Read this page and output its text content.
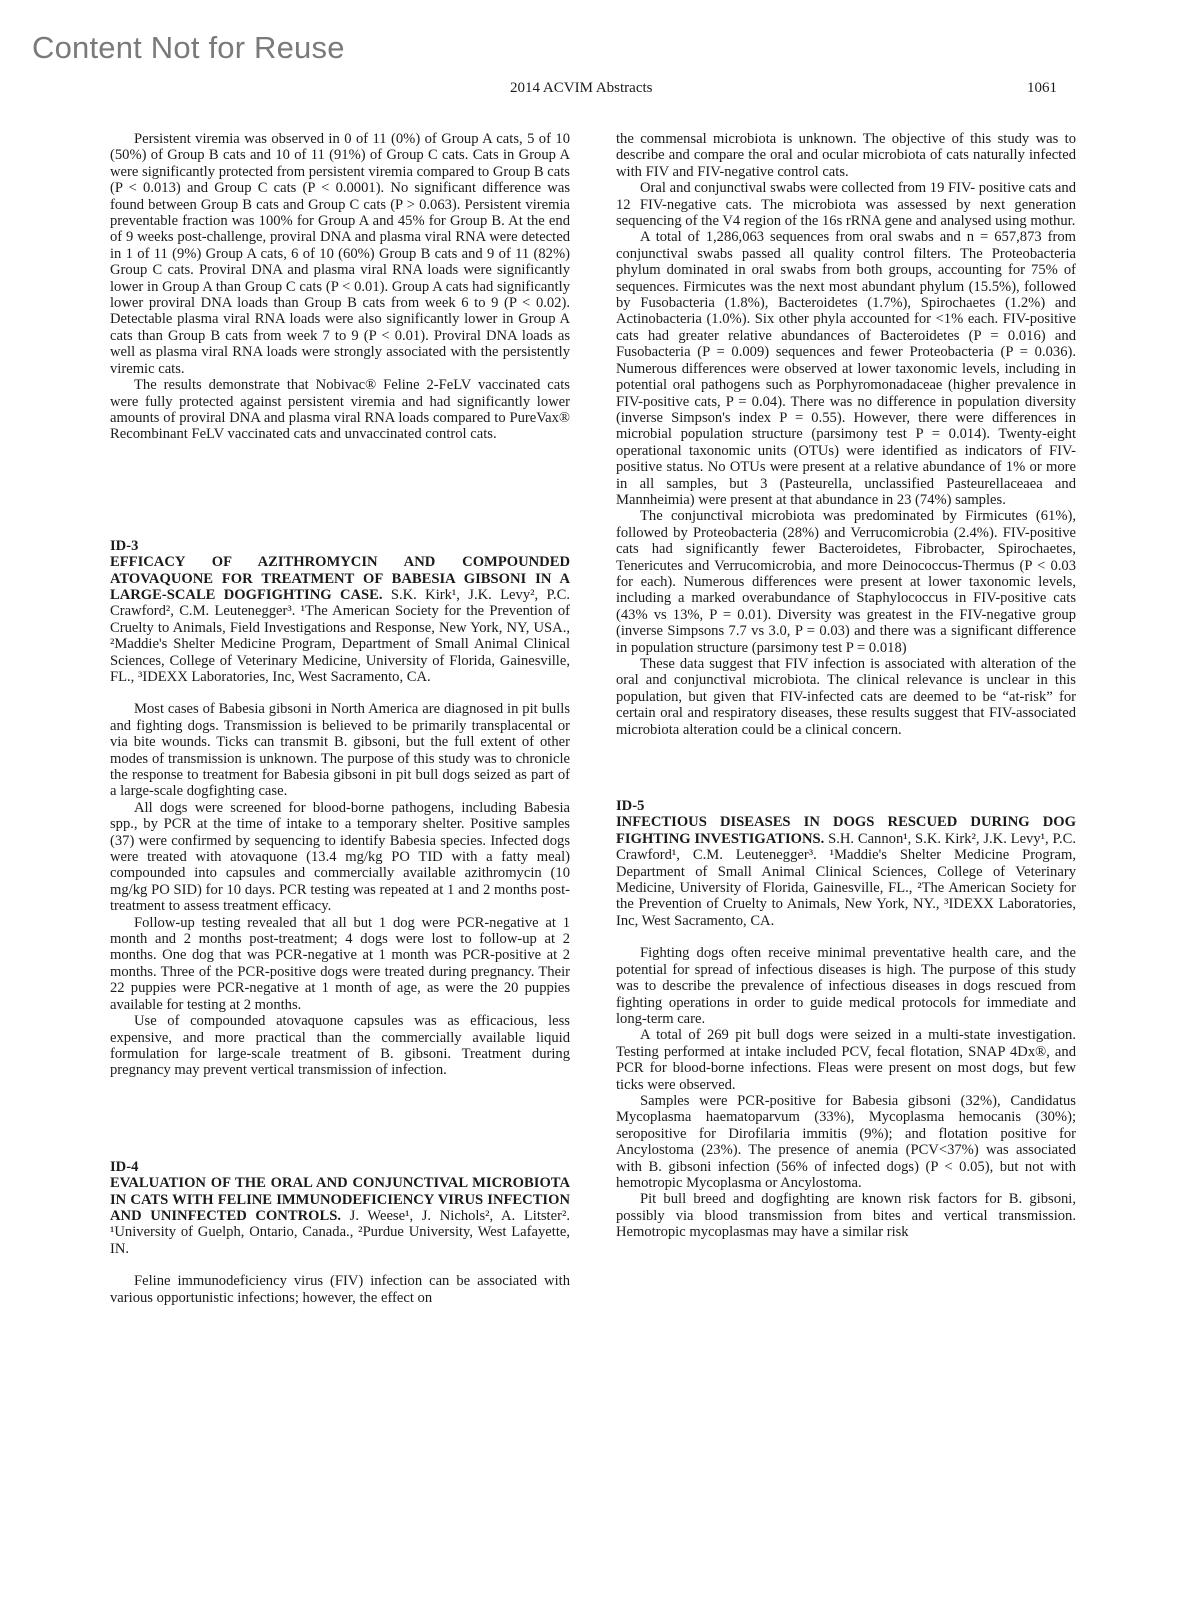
Content Not for Reuse
2014 ACVIM Abstracts	1061

Persistent viremia was observed in 0 of 11 (0%) of Group A cats, 5 of 10 (50%) of Group B cats and 10 of 11 (91%) of Group C cats. Cats in Group A were significantly protected from persistent viremia compared to Group B cats (P < 0.013) and Group C cats (P < 0.0001). No significant difference was found between Group B cats and Group C cats (P > 0.063). Persistent viremia preventable fraction was 100% for Group A and 45% for Group B. At the end of 9 weeks post-challenge, proviral DNA and plasma viral RNA were detected in 1 of 11 (9%) Group A cats, 6 of 10 (60%) Group B cats and 9 of 11 (82%) Group C cats. Proviral DNA and plasma viral RNA loads were significantly lower in Group A than Group C cats (P < 0.01). Group A cats had significantly lower proviral DNA loads than Group B cats from week 6 to 9 (P < 0.02). Detectable plasma viral RNA loads were also significantly lower in Group A cats than Group B cats from week 7 to 9 (P < 0.01). Proviral DNA loads as well as plasma viral RNA loads were strongly associated with the persistently viremic cats.

The results demonstrate that Nobivac® Feline 2-FeLV vaccinated cats were fully protected against persistent viremia and had significantly lower amounts of proviral DNA and plasma viral RNA loads compared to PureVax® Recombinant FeLV vaccinated cats and unvaccinated control cats.

ID-3

EFFICACY OF AZITHROMYCIN AND COMPOUNDED ATOVAQUONE FOR TREATMENT OF BABESIA GIBSONI IN A LARGE-SCALE DOGFIGHTING CASE. S.K. Kirk¹, J.K. Levy², P.C. Crawford², C.M. Leutenegger³. ¹The American Society for the Prevention of Cruelty to Animals, Field Investigations and Response, New York, NY, USA., ²Maddie's Shelter Medicine Program, Department of Small Animal Clinical Sciences, College of Veterinary Medicine, University of Florida, Gainesville, FL., ³IDEXX Laboratories, Inc, West Sacramento, CA.

Most cases of Babesia gibsoni in North America are diagnosed in pit bulls and fighting dogs. Transmission is believed to be primarily transplacental or via bite wounds. Ticks can transmit B. gibsoni, but the full extent of other modes of transmission is unknown. The purpose of this study was to chronicle the response to treatment for Babesia gibsoni in pit bull dogs seized as part of a large-scale dogfighting case.

All dogs were screened for blood-borne pathogens, including Babesia spp., by PCR at the time of intake to a temporary shelter. Positive samples (37) were confirmed by sequencing to identify Babesia species. Infected dogs were treated with atovaquone (13.4 mg/kg PO TID with a fatty meal) compounded into capsules and commercially available azithromycin (10 mg/kg PO SID) for 10 days. PCR testing was repeated at 1 and 2 months post-treatment to assess treatment efficacy.

Follow-up testing revealed that all but 1 dog were PCR-negative at 1 month and 2 months post-treatment; 4 dogs were lost to follow-up at 2 months. One dog that was PCR-negative at 1 month was PCR-positive at 2 months. Three of the PCR-positive dogs were treated during pregnancy. Their 22 puppies were PCR-negative at 1 month of age, as were the 20 puppies available for testing at 2 months.

Use of compounded atovaquone capsules was as efficacious, less expensive, and more practical than the commercially available liquid formulation for large-scale treatment of B. gibsoni. Treatment during pregnancy may prevent vertical transmission of infection.

ID-4

EVALUATION OF THE ORAL AND CONJUNCTIVAL MICROBIOTA IN CATS WITH FELINE IMMUNODEFICIENCY VIRUS INFECTION AND UNINFECTED CONTROLS. J. Weese¹, J. Nichols², A. Litster². ¹University of Guelph, Ontario, Canada., ²Purdue University, West Lafayette, IN.

Feline immunodeficiency virus (FIV) infection can be associated with various opportunistic infections; however, the effect on

the commensal microbiota is unknown. The objective of this study was to describe and compare the oral and ocular microbiota of cats naturally infected with FIV and FIV-negative control cats.

Oral and conjunctival swabs were collected from 19 FIV- positive cats and 12 FIV-negative cats. The microbiota was assessed by next generation sequencing of the V4 region of the 16s rRNA gene and analysed using mothur.

A total of 1,286,063 sequences from oral swabs and n = 657,873 from conjunctival swabs passed all quality control filters. The Proteobacteria phylum dominated in oral swabs from both groups, accounting for 75% of sequences. Firmicutes was the next most abundant phylum (15.5%), followed by Fusobacteria (1.8%), Bacteroidetes (1.7%), Spirochaetes (1.2%) and Actinobacteria (1.0%). Six other phyla accounted for <1% each. FIV-positive cats had greater relative abundances of Bacteroidetes (P = 0.016) and Fusobacteria (P = 0.009) sequences and fewer Proteobacteria (P = 0.036). Numerous differences were observed at lower taxonomic levels, including in potential oral pathogens such as Porphyromonadaceae (higher prevalence in FIV-positive cats, P = 0.04). There was no difference in population diversity (inverse Simpson's index P = 0.55). However, there were differences in microbial population structure (parsimony test P = 0.014). Twenty-eight operational taxonomic units (OTUs) were identified as indicators of FIV-positive status. No OTUs were present at a relative abundance of 1% or more in all samples, but 3 (Pasteurella, unclassified Pasteurellaceaea and Mannheimia) were present at that abundance in 23 (74%) samples.

The conjunctival microbiota was predominated by Firmicutes (61%), followed by Proteobacteria (28%) and Verrucomicrobia (2.4%). FIV-positive cats had significantly fewer Bacteroidetes, Fibrobacter, Spirochaetes, Tenericutes and Verrucomicrobia, and more Deinococcus-Thermus (P < 0.03 for each). Numerous differences were present at lower taxonomic levels, including a marked overabundance of Staphylococcus in FIV-positive cats (43% vs 13%, P = 0.01). Diversity was greatest in the FIV-negative group (inverse Simpsons 7.7 vs 3.0, P = 0.03) and there was a significant difference in population structure (parsimony test P = 0.018)

These data suggest that FIV infection is associated with alteration of the oral and conjunctival microbiota. The clinical relevance is unclear in this population, but given that FIV-infected cats are deemed to be “at-risk” for certain oral and respiratory diseases, these results suggest that FIV-associated microbiota alteration could be a clinical concern.

ID-5

INFECTIOUS DISEASES IN DOGS RESCUED DURING DOG FIGHTING INVESTIGATIONS. S.H. Cannon¹, S.K. Kirk², J.K. Levy¹, P.C. Crawford¹, C.M. Leutenegger³. ¹Maddie's Shelter Medicine Program, Department of Small Animal Clinical Sciences, College of Veterinary Medicine, University of Florida, Gainesville, FL., ²The American Society for the Prevention of Cruelty to Animals, New York, NY., ³IDEXX Laboratories, Inc, West Sacramento, CA.

Fighting dogs often receive minimal preventative health care, and the potential for spread of infectious diseases is high. The purpose of this study was to describe the prevalence of infectious diseases in dogs rescued from fighting operations in order to guide medical protocols for immediate and long-term care.

A total of 269 pit bull dogs were seized in a multi-state investigation. Testing performed at intake included PCV, fecal flotation, SNAP 4Dx®, and PCR for blood-borne infections. Fleas were present on most dogs, but few ticks were observed.

Samples were PCR-positive for Babesia gibsoni (32%), Candidatus Mycoplasma haematoparvum (33%), Mycoplasma hemocanis (30%); seropositive for Dirofilaria immitis (9%); and flotation positive for Ancylostoma (23%). The presence of anemia (PCV<37%) was associated with B. gibsoni infection (56% of infected dogs) (P < 0.05), but not with hemotropic Mycoplasma or Ancylostoma.

Pit bull breed and dogfighting are known risk factors for B. gibsoni, possibly via blood transmission from bites and vertical transmission. Hemotropic mycoplasmas may have a similar risk
